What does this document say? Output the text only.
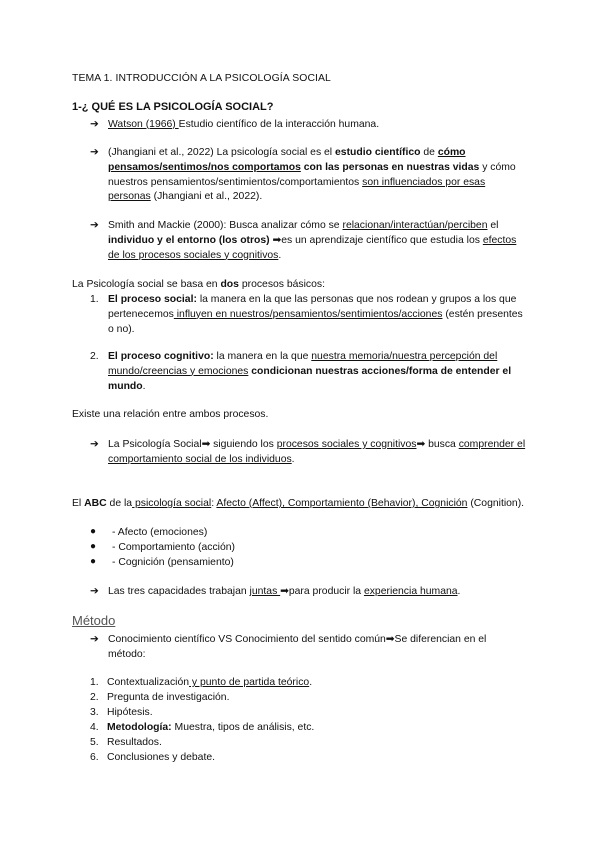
TEMA 1. INTRODUCCIÓN A LA PSICOLOGÍA SOCIAL
1-¿ QUÉ ES LA PSICOLOGÍA SOCIAL?
➔ Watson (1966) Estudio científico de la interacción humana.
➔ (Jhangiani et al., 2022) La psicología social es el estudio científico de cómo pensamos/sentimos/nos comportamos con las personas en nuestras vidas y cómo nuestros pensamientos/sentimientos/comportamientos son influenciados por esas personas (Jhangiani et al., 2022).
➔ Smith and Mackie (2000): Busca analizar cómo se relacionan/interactúan/perciben el individuo y el entorno (los otros) ➡es un aprendizaje científico que estudia los efectos de los procesos sociales y cognitivos.
La Psicología social se basa en dos procesos básicos:
1. El proceso social: la manera en la que las personas que nos rodean y grupos a los que pertenecemos influyen en nuestros/pensamientos/sentimientos/acciones (estén presentes o no).
2. El proceso cognitivo: la manera en la que nuestra memoria/nuestra percepción del mundo/creencias y emociones condicionan nuestras acciones/forma de entender el mundo.
Existe una relación entre ambos procesos.
➔ La Psicología Social➡ siguiendo los procesos sociales y cognitivos➡ busca comprender el comportamiento social de los individuos.
El ABC de la psicología social: Afecto (Affect), Comportamiento (Behavior), Cognición (Cognition).
● - Afecto (emociones)
● - Comportamiento (acción)
● - Cognición (pensamiento)
➔ Las tres capacidades trabajan juntas ➡para producir la experiencia humana.
Método
➔ Conocimiento científico VS Conocimiento del sentido común➡Se diferencian en el método:
1. Contextualización y punto de partida teórico.
2. Pregunta de investigación.
3. Hipótesis.
4. Metodología: Muestra, tipos de análisis, etc.
5. Resultados.
6. Conclusiones y debate.
